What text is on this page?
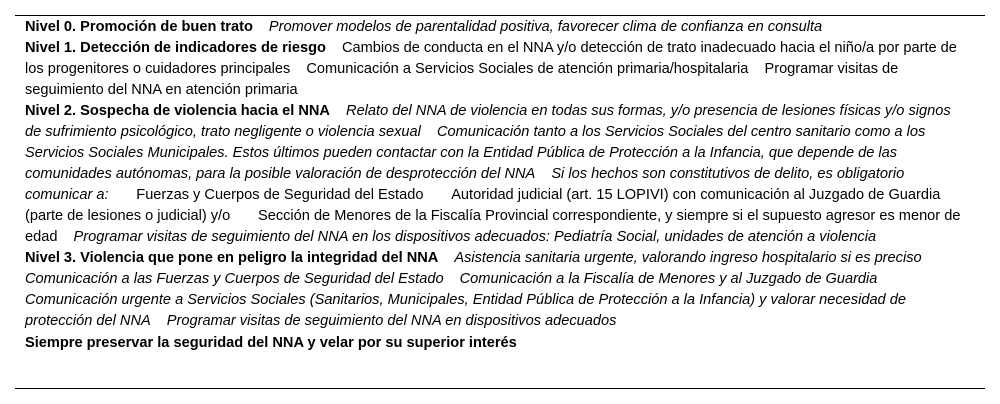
Nivel 0. Promoción de buen trato Promover modelos de parentalidad positiva, favorecer clima de confianza en consulta
Nivel 1. Detección de indicadores de riesgo Cambios de conducta en el NNA y/o detección de trato inadecuado hacia el niño/a por parte de los progenitores o cuidadores principales Comunicación a Servicios Sociales de atención primaria/hospitalaria Programar visitas de seguimiento del NNA en atención primaria
Nivel 2. Sospecha de violencia hacia el NNA Relato del NNA de violencia en todas sus formas, y/o presencia de lesiones físicas y/o signos de sufrimiento psicológico, trato negligente o violencia sexual Comunicación tanto a los Servicios Sociales del centro sanitario como a los Servicios Sociales Municipales. Estos últimos pueden contactar con la Entidad Pública de Protección a la Infancia, que depende de las comunidades autónomas, para la posible valoración de desprotección del NNA Si los hechos son constitutivos de delito, es obligatorio comunicar a: Fuerzas y Cuerpos de Seguridad del Estado Autoridad judicial (art. 15 LOPIVI) con comunicación al Juzgado de Guardia (parte de lesiones o judicial) y/o Sección de Menores de la Fiscalía Provincial correspondiente, y siempre si el supuesto agresor es menor de edad Programar visitas de seguimiento del NNA en los dispositivos adecuados: Pediatría Social, unidades de atención a violencia
Nivel 3. Violencia que pone en peligro la integridad del NNA Asistencia sanitaria urgente, valorando ingreso hospitalario si es precisoComunicación a las Fuerzas y Cuerpos de Seguridad del Estado Comunicación a la Fiscalía de Menores y al Juzgado de GuardiaComunicación urgente a Servicios Sociales (Sanitarios, Municipales, Entidad Pública de Protección a la Infancia) y valorar necesidad de protección del NNA Programar visitas de seguimiento del NNA en dispositivos adecuados
Siempre preservar la seguridad del NNA y velar por su superior interés
